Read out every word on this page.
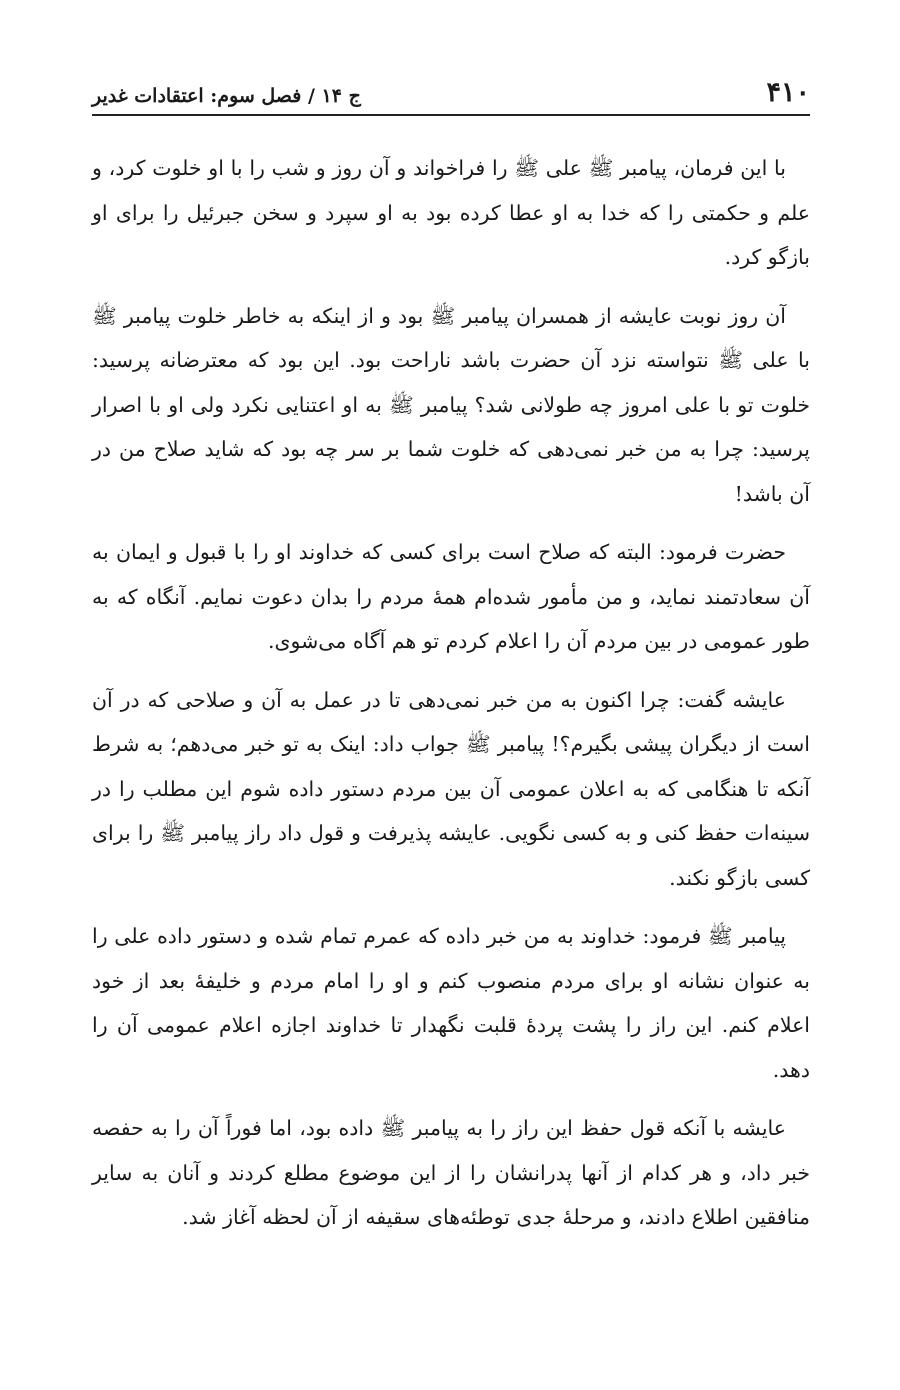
۴۱۰
ج ۱۴ / فصل سوم: اعتقادات غدیر

با این فرمان، پیامبر ﷺ علی ﷺ را فراخواند و آن روز و شب را با او خلوت کرد، و علم و حکمتی را که خدا به او عطا کرده بود به او سپرد و سخن جبرئیل را برای او بازگو کرد.

آن روز نوبت عایشه از همسران پیامبر ﷺ بود و از اینکه به خاطر خلوت پیامبر ﷺ با علی ﷺ نتواسته نزد آن حضرت باشد ناراحت بود. این بود که معترضانه پرسید: خلوت تو با علی امروز چه طولانی شد؟ پیامبر ﷺ به او اعتنایی نکرد ولی او با اصرار پرسید: چرا به من خبر نمی‌دهی که خلوت شما بر سر چه بود که شاید صلاح من در آن باشد!

حضرت فرمود: البته که صلاح است برای کسی که خداوند او را با قبول و ایمان به آن سعادتمند نماید، و من مأمور شده‌ام همهٔ مردم را بدان دعوت نمایم. آنگاه که به طور عمومی در بین مردم آن را اعلام کردم تو هم آگاه می‌شوی.

عایشه گفت: چرا اکنون به من خبر نمی‌دهی تا در عمل به آن و صلاحی که در آن است از دیگران پیشی بگیرم؟! پیامبر ﷺ جواب داد: اینک به تو خبر می‌دهم؛ به شرط آنکه تا هنگامی که به اعلان عمومی آن بین مردم دستور داده شوم این مطلب را در سینه‌ات حفظ کنی و به کسی نگویی. عایشه پذیرفت و قول داد راز پیامبر ﷺ را برای کسی بازگو نکند.

پیامبر ﷺ فرمود: خداوند به من خبر داده که عمرم تمام شده و دستور داده علی را به عنوان نشانه او برای مردم منصوب کنم و او را امام مردم و خلیفهٔ بعد از خود اعلام کنم. این راز را پشت پردهٔ قلبت نگهدار تا خداوند اجازه اعلام عمومی آن را دهد.

عایشه با آنکه قول حفظ این راز را به پیامبر ﷺ داده بود، اما فوراً آن را به حفصه خبر داد، و هر کدام از آنها پدرانشان را از این موضوع مطلع کردند و آنان به سایر منافقین اطلاع دادند، و مرحلهٔ جدی توطئه‌های سقیفه از آن لحظه آغاز شد.
